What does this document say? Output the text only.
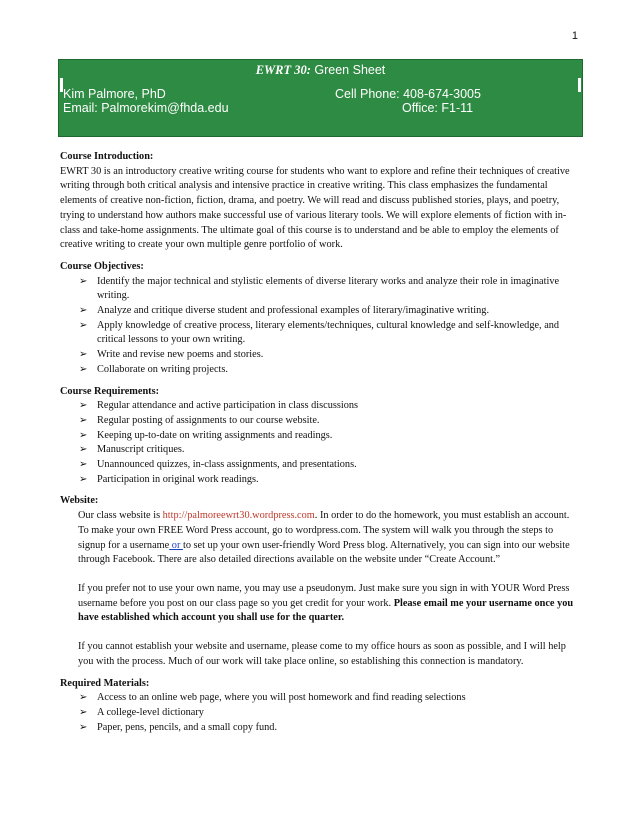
1
EWRT 30: Green Sheet
Kim Palmore, PhD	Cell Phone: 408-674-3005
Email: Palmorekim@fhda.edu	Office: F1-11
Course Introduction:

EWRT 30 is an introductory creative writing course for students who want to explore and refine their techniques of creative writing through both critical analysis and intensive practice in creative writing. This class emphasizes the fundamental elements of creative non-fiction, fiction, drama, and poetry. We will read and discuss published stories, plays, and poetry, trying to understand how authors make successful use of various literary tools. We will explore elements of fiction with in-class and take-home assignments. The ultimate goal of this course is to understand and be able to employ the elements of creative writing to create your own multiple genre portfolio of work.

Course Objectives:
➢ Identify the major technical and stylistic elements of diverse literary works and analyze their role in imaginative writing.
➢ Analyze and critique diverse student and professional examples of literary/imaginative writing.
➢ Apply knowledge of creative process, literary elements/techniques, cultural knowledge and self-knowledge, and critical lessons to your own writing.
➢ Write and revise new poems and stories.
➢ Collaborate on writing projects.
Course Requirements:
➢ Regular attendance and active participation in class discussions
➢ Regular posting of assignments to our course website.
➢ Keeping up-to-date on writing assignments and readings.
➢ Manuscript critiques.
➢ Unannounced quizzes, in-class assignments, and presentations.
➢ Participation in original work readings.
Website:

Our class website is http://palmoreewrt30.wordpress.com. In order to do the homework, you must establish an account. To make your own FREE Word Press account, go to wordpress.com. The system will walk you through the steps to signup for a username or to set up your own user-friendly Word Press blog. Alternatively, you can sign into our website through Facebook. There are also detailed directions available on the website under “Create Account.”

If you prefer not to use your own name, you may use a pseudonym. Just make sure you sign in with YOUR Word Press username before you post on our class page so you get credit for your work. Please email me your username once you have established which account you shall use for the quarter.

If you cannot establish your website and username, please come to my office hours as soon as possible, and I will help you with the process. Much of our work will take place online, so establishing this connection is mandatory.

Required Materials:
➢ Access to an online web page, where you will post homework and find reading selections
➢ A college-level dictionary
➢ Paper, pens, pencils, and a small copy fund.
